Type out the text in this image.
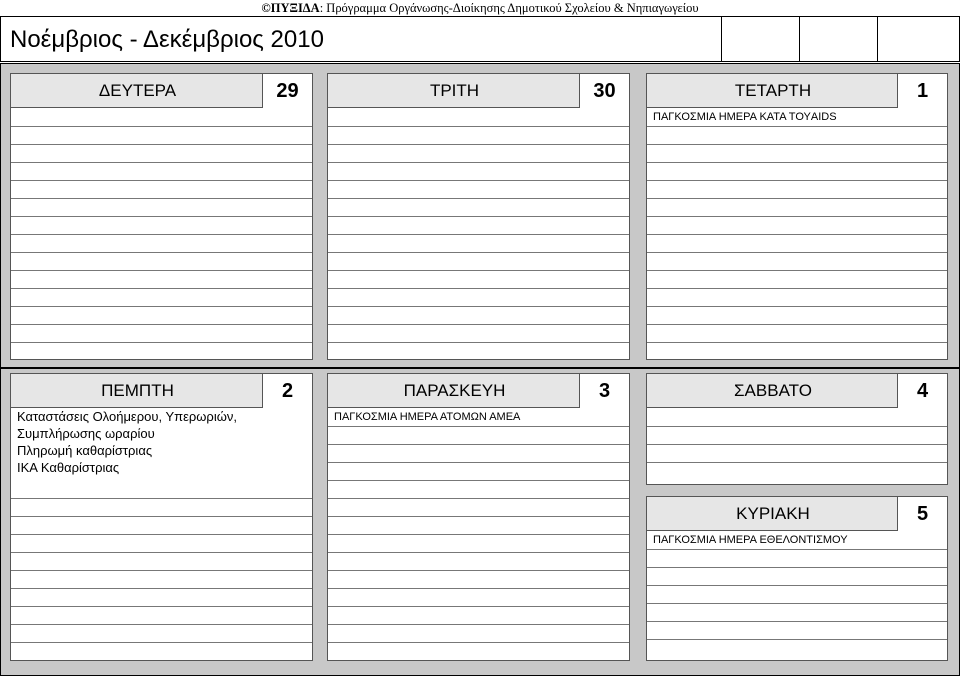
©ΠΥΞΙΔΑ: Πρόγραμμα Οργάνωσης-Διοίκησης Δημοτικού Σχολείου & Νηπιαγωγείου
Νοέμβριος - Δεκέμβριος 2010
ΔΕΥΤΕΡΑ	29	ΤΡΙΤΗ	30	ΤΕΤΑΡΤΗ	1
ΠΑΓΚΟΣΜΙΑ ΗΜΕΡΑ ΚΑΤΑ ΤΟΥAIDS
ΠΕΜΠΤΗ	2
Καταστάσεις Ολοήμερου, Υπερωριών,
Συμπλήρωσης ωραρίου
Πληρωμή καθαρίστριας
ΙΚΑ Καθαρίστριας
ΠΑΡΑΣΚΕΥΗ	3
ΠΑΓΚΟΣΜΙΑ ΗΜΕΡΑ ΑΤΟΜΩΝ ΑΜΕΑ
ΣΑΒΒΑΤΟ	4
ΚΥΡΙΑΚΗ	5
ΠΑΓΚΟΣΜΙΑ ΗΜΕΡΑ ΕΘΕΛΟΝΤΙΣΜΟΥ
